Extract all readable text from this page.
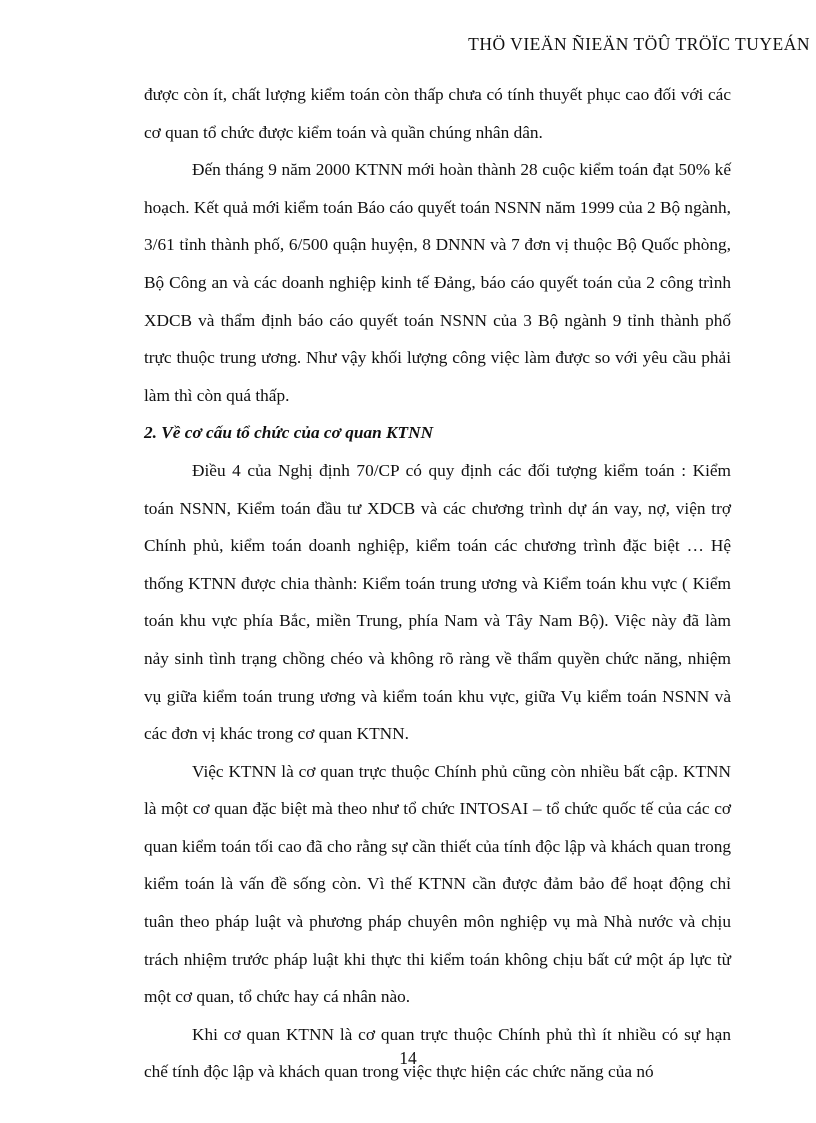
THÖ VIEÄN ÑIEÄN TÖÛ TRÖÏC TUYEÁN

được còn ít, chất lượng kiểm toán còn thấp chưa có tính thuyết phục cao đối với các cơ quan tổ chức được kiểm toán và quần chúng nhân dân.

Đến tháng 9 năm 2000 KTNN mới hoàn thành 28 cuộc kiểm toán đạt 50% kế hoạch. Kết quả mới kiểm toán Báo cáo quyết toán NSNN năm 1999 của 2 Bộ ngành, 3/61 tỉnh thành phố, 6/500 quận huyện, 8 DNNN và 7 đơn vị thuộc Bộ Quốc phòng, Bộ Công an và các doanh nghiệp kinh tế Đảng, báo cáo quyết toán của 2 công trình XDCB và thẩm định báo cáo quyết toán NSNN của 3 Bộ ngành 9 tỉnh thành phố trực thuộc trung ương. Như vậy khối lượng công việc làm được so với yêu cầu phải làm thì còn quá thấp.

2. Về cơ cấu tổ chức của cơ quan KTNN

Điều 4 của Nghị định 70/CP có quy định các đối tượng kiểm toán : Kiểm toán NSNN, Kiểm toán đầu tư XDCB và các chương trình dự án vay, nợ, viện trợ Chính phủ, kiểm toán doanh nghiệp, kiểm toán các chương trình đặc biệt … Hệ thống KTNN được chia thành: Kiểm toán trung ương và Kiểm toán khu vực ( Kiểm toán khu vực phía Bắc, miền Trung, phía Nam và Tây Nam Bộ). Việc này đã làm nảy sinh tình trạng chồng chéo và không rõ ràng về thẩm quyền chức năng, nhiệm vụ giữa kiểm toán trung ương và kiểm toán khu vực, giữa Vụ kiểm toán NSNN và các đơn vị khác trong cơ quan KTNN.

Việc KTNN là cơ quan trực thuộc Chính phủ cũng còn nhiều bất cập. KTNN là một cơ quan đặc biệt mà theo như tổ chức INTOSAI – tổ chức quốc tế của các cơ quan kiểm toán tối cao đã cho rằng sự cần thiết của tính độc lập và khách quan trong kiểm toán là vấn đề sống còn. Vì thế KTNN cần được đảm bảo để hoạt động chỉ tuân theo pháp luật và phương pháp chuyên môn nghiệp vụ mà Nhà nước và chịu trách nhiệm trước pháp luật khi thực thi kiểm toán không chịu bất cứ một áp lực từ một cơ quan, tổ chức hay cá nhân nào.

Khi cơ quan KTNN là cơ quan trực thuộc Chính phủ thì ít nhiều có sự hạn chế tính độc lập và khách quan trong việc thực hiện các chức năng của nó

14
